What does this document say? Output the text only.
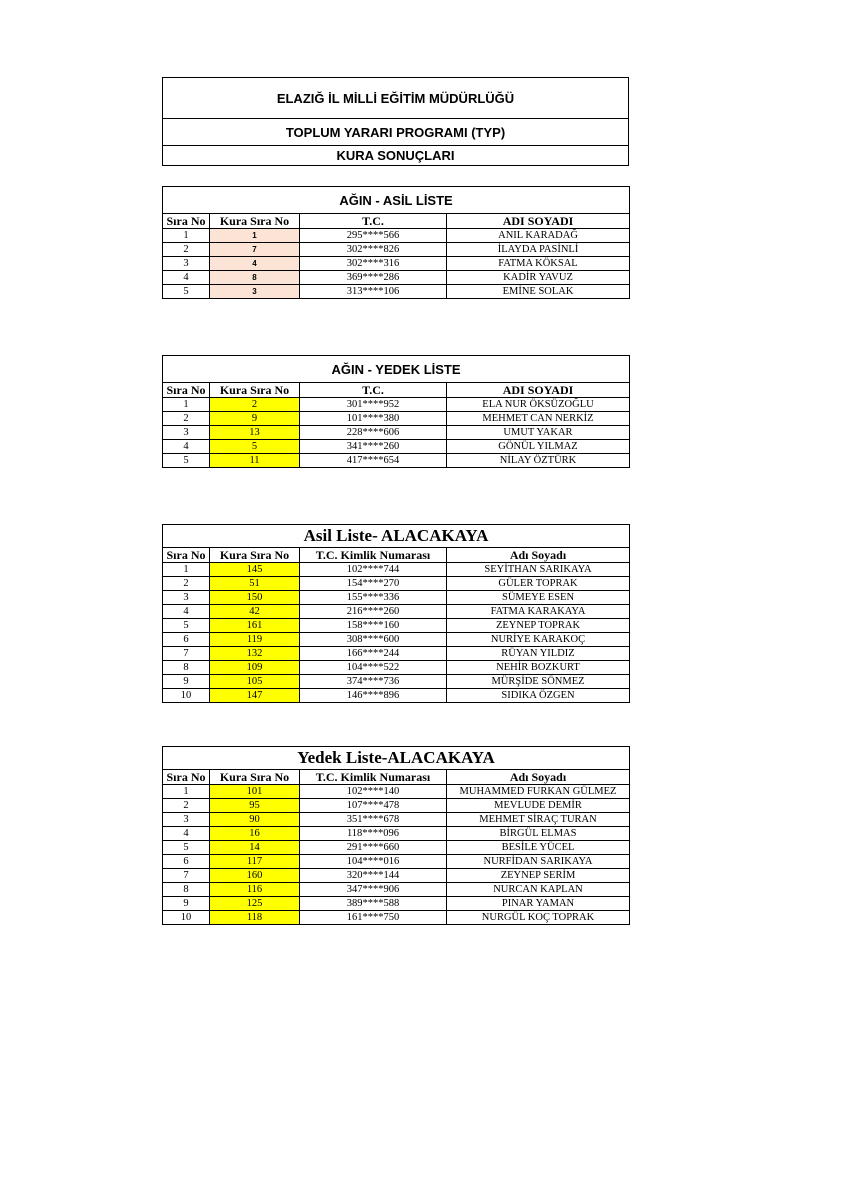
ELAZIĞ İL MİLLİ EĞİTİM MÜDÜRLÜĞÜ
TOPLUM YARARI PROGRAMI (TYP)
KURA SONUÇLARI
AĞIN - ASİL LİSTE			
Sıra No	Kura Sıra No	T.C.	ADI SOYADI
1	1	295****566	ANIL KARADAĞ
2	7	302****826	İLAYDA PASİNLİ
3	4	302****316	FATMA KÖKSAL
4	8	369****286	KADİR YAVUZ
5	3	313****106	EMİNE SOLAK
AĞIN - YEDEK LİSTE			
Sıra No	Kura Sıra No	T.C.	ADI SOYADI
1	2	301****952	ELA NUR ÖKSÜZOĞLU
2	9	101****380	MEHMET CAN NERKİZ
3	13	228****606	UMUT YAKAR
4	5	341****260	GÖNÜL YILMAZ
5	11	417****654	NİLAY ÖZTÜRK
Asil Liste- ALACAKAYA			
Sıra No	Kura Sıra No	T.C. Kimlik Numarası	Adı Soyadı
1	145	102****744	SEYİTHAN SARIKAYA
2	51	154****270	GÜLER TOPRAK
3	150	155****336	SÜMEYE ESEN
4	42	216****260	FATMA KARAKAYA
5	161	158****160	ZEYNEP TOPRAK
6	119	308****600	NURİYE KARAKOÇ
7	132	166****244	RÜYAN YILDIZ
8	109	104****522	NEHİR BOZKURT
9	105	374****736	MÜRŞİDE SÖNMEZ
10	147	146****896	SIDIKA ÖZGEN
Yedek Liste-ALACAKAYA			
Sıra No	Kura Sıra No	T.C. Kimlik Numarası	Adı Soyadı
1	101	102****140	MUHAMMED FURKAN GÜLMEZ
2	95	107****478	MEVLUDE DEMİR
3	90	351****678	MEHMET SİRAÇ TURAN
4	16	118****096	BİRGÜL ELMAS
5	14	291****660	BESİLE YÜCEL
6	117	104****016	NURFİDAN SARIKAYA
7	160	320****144	ZEYNEP SERİM
8	116	347****906	NURCAN KAPLAN
9	125	389****588	PINAR YAMAN
10	118	161****750	NURGÜL KOÇ TOPRAK
